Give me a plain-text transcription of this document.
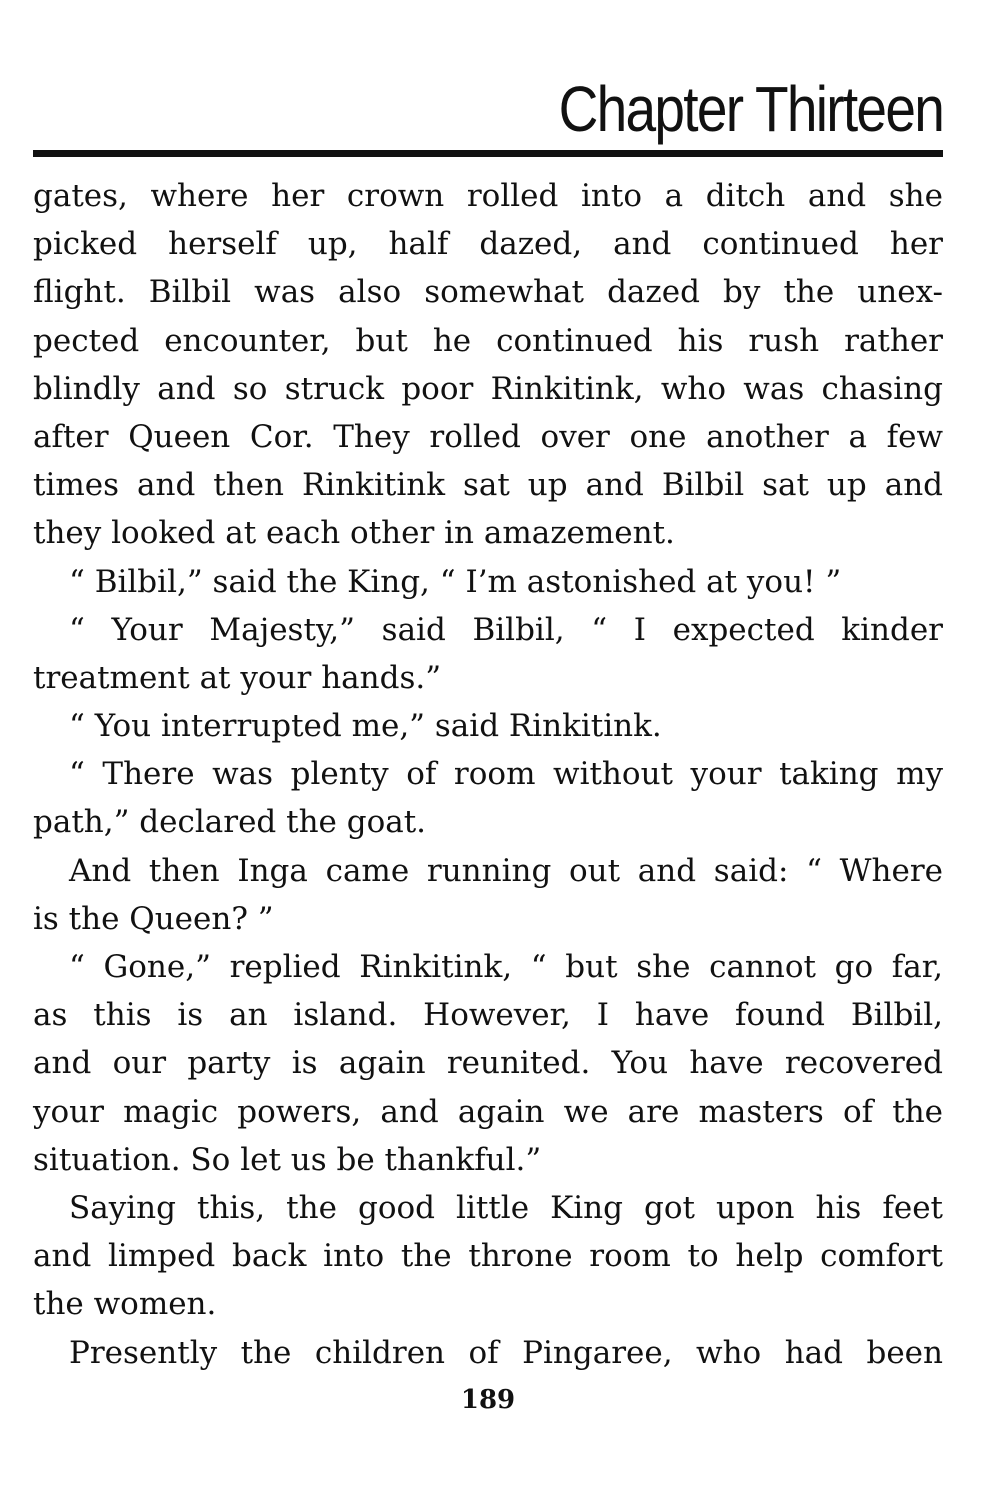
Chapter Thirteen
gates, where her crown rolled into a ditch and she
picked herself up, half dazed, and continued her
flight. Bilbil was also somewhat dazed by the unex-
pected encounter, but he continued his rush rather
blindly and so struck poor Rinkitink, who was chasing
after Queen Cor. They rolled over one another a few
times and then Rinkitink sat up and Bilbil sat up and
they looked at each other in amazement.
“ Bilbil,” said the King, “ I’m astonished at you! ”
“ Your Majesty,” said Bilbil, “ I expected kinder
treatment at your hands.”
“ You interrupted me,” said Rinkitink.
“ There was plenty of room without your taking my
path,” declared the goat.
And then Inga came running out and said: “ Where
is the Queen? ”
“ Gone,” replied Rinkitink, “ but she cannot go far,
as this is an island. However, I have found Bilbil,
and our party is again reunited. You have recovered
your magic powers, and again we are masters of the
situation. So let us be thankful.”
Saying this, the good little King got upon his feet
and limped back into the throne room to help comfort
the women.
Presently the children of Pingaree, who had been
189
